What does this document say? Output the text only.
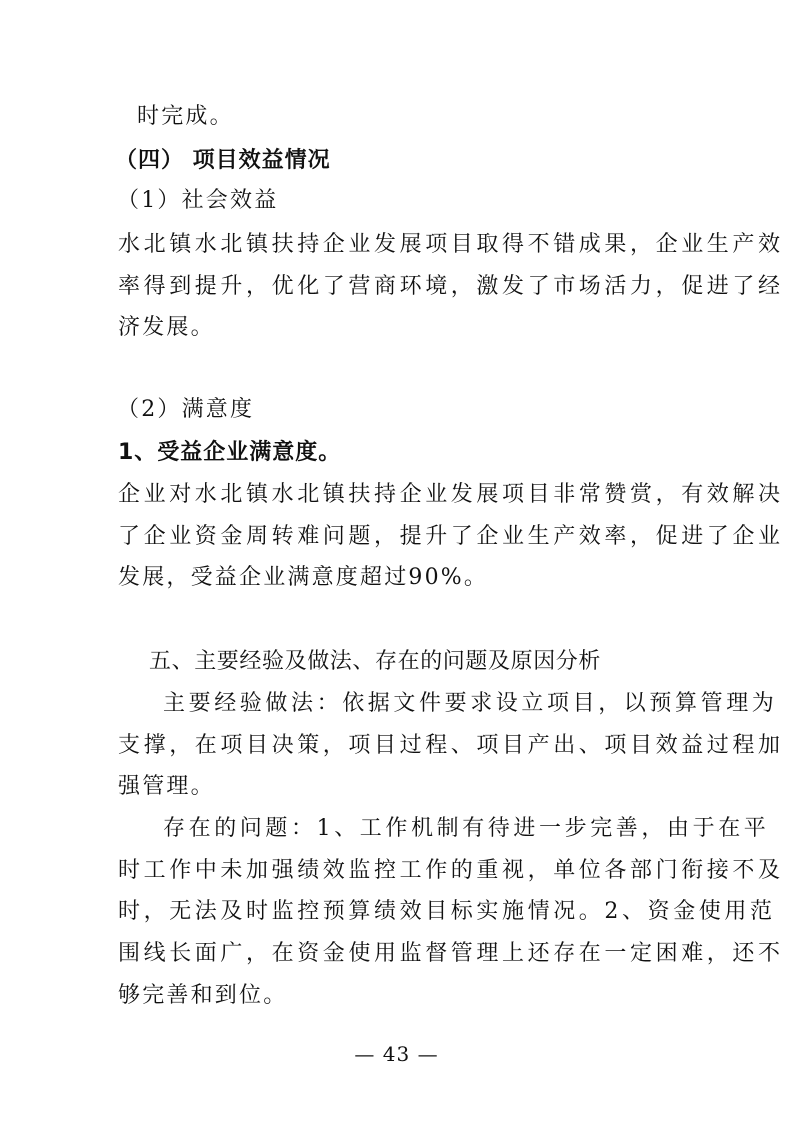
时完成。
（四） 项目效益情况
（1）社会效益
水北镇水北镇扶持企业发展项目取得不错成果，企业生产效
率得到提升，优化了营商环境，激发了市场活力，促进了经
济发展。
（2）满意度
1、受益企业满意度。
企业对水北镇水北镇扶持企业发展项目非常赞赏，有效解决
了企业资金周转难问题，提升了企业生产效率，促进了企业
发展，受益企业满意度超过90%。
五、主要经验及做法、存在的问题及原因分析
主要经验做法：依据文件要求设立项目，以预算管理为
支撑，在项目决策，项目过程、项目产出、项目效益过程加
强管理。
存在的问题：1、工作机制有待进一步完善，由于在平
时工作中未加强绩效监控工作的重视，单位各部门衔接不及
时，无法及时监控预算绩效目标实施情况。2、资金使用范
围线长面广，在资金使用监督管理上还存在一定困难，还不
够完善和到位。
— 43 —
